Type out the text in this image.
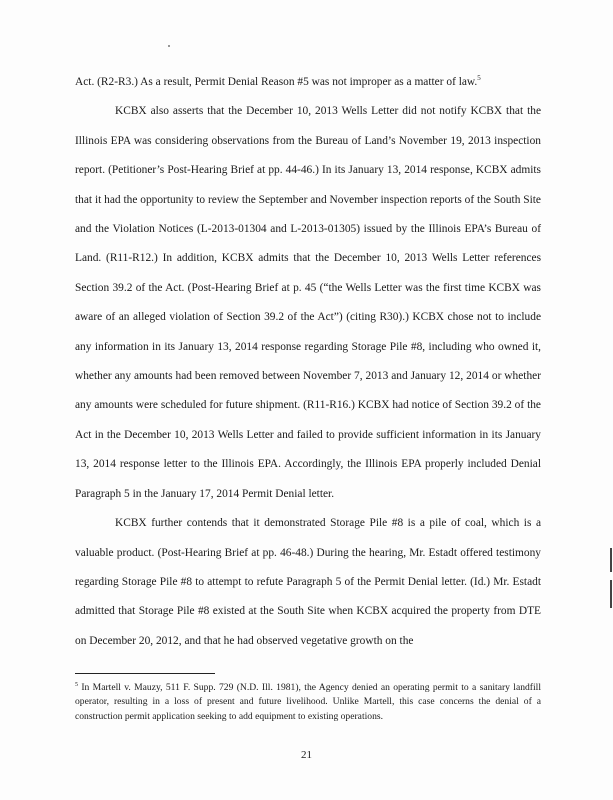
Act. (R2-R3.) As a result, Permit Denial Reason #5 was not improper as a matter of law.$^5$

KCBX also asserts that the December 10, 2013 Wells Letter did not notify KCBX that the Illinois EPA was considering observations from the Bureau of Land’s November 19, 2013 inspection report. (Petitioner’s Post-Hearing Brief at pp. 44-46.) In its January 13, 2014 response, KCBX admits that it had the opportunity to review the September and November inspection reports of the South Site and the Violation Notices (L-2013-01304 and L-2013-01305) issued by the Illinois EPA’s Bureau of Land. (R11-R12.) In addition, KCBX admits that the December 10, 2013 Wells Letter references Section 39.2 of the Act. (Post-Hearing Brief at p. 45 (“the Wells Letter was the first time KCBX was aware of an alleged violation of Section 39.2 of the Act”) (citing R30).) KCBX chose not to include any information in its January 13, 2014 response regarding Storage Pile #8, including who owned it, whether any amounts had been removed between November 7, 2013 and January 12, 2014 or whether any amounts were scheduled for future shipment. (R11-R16.) KCBX had notice of Section 39.2 of the Act in the December 10, 2013 Wells Letter and failed to provide sufficient information in its January 13, 2014 response letter to the Illinois EPA. Accordingly, the Illinois EPA properly included Denial Paragraph 5 in the January 17, 2014 Permit Denial letter.

KCBX further contends that it demonstrated Storage Pile #8 is a pile of coal, which is a valuable product. (Post-Hearing Brief at pp. 46-48.) During the hearing, Mr. Estadt offered testimony regarding Storage Pile #8 to attempt to refute Paragraph 5 of the Permit Denial letter. (Id.) Mr. Estadt admitted that Storage Pile #8 existed at the South Site when KCBX acquired the property from DTE on December 20, 2012, and that he had observed vegetative growth on the

$^5$ In Martell v. Mauzy, 511 F. Supp. 729 (N.D. Ill. 1981), the Agency denied an operating permit to a sanitary landfill operator, resulting in a loss of present and future livelihood. Unlike Martell, this case concerns the denial of a construction permit application seeking to add equipment to existing operations.

21
